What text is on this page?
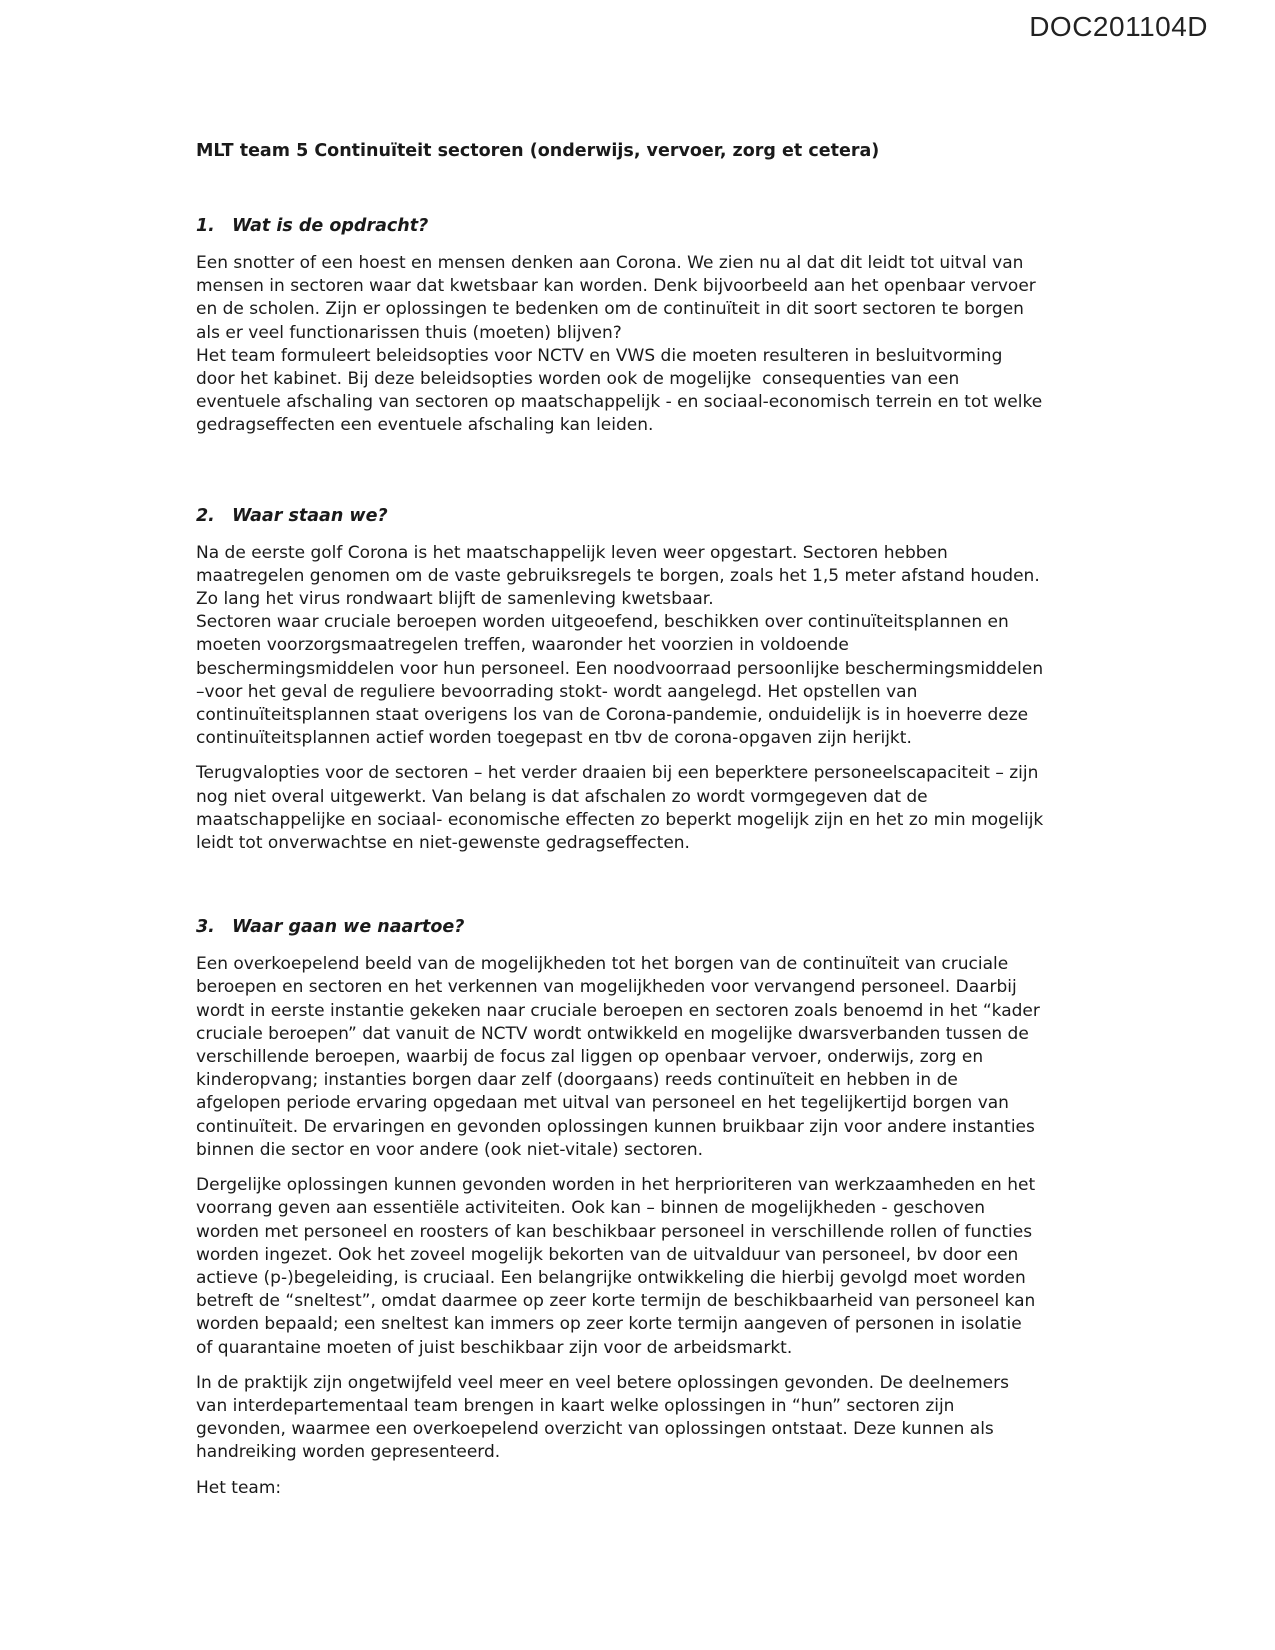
DOC201104D
MLT team 5 Continuïteit sectoren (onderwijs, vervoer, zorg et cetera)
1. Wat is de opdracht?
Een snotter of een hoest en mensen denken aan Corona. We zien nu al dat dit leidt tot uitval van
mensen in sectoren waar dat kwetsbaar kan worden. Denk bijvoorbeeld aan het openbaar vervoer
en de scholen. Zijn er oplossingen te bedenken om de continuïteit in dit soort sectoren te borgen
als er veel functionarissen thuis (moeten) blijven?
Het team formuleert beleidsopties voor NCTV en VWS die moeten resulteren in besluitvorming
door het kabinet. Bij deze beleidsopties worden ook de mogelijke  consequenties van een
eventuele afschaling van sectoren op maatschappelijk - en sociaal-economisch terrein en tot welke
gedragseffecten een eventuele afschaling kan leiden.
2. Waar staan we?
Na de eerste golf Corona is het maatschappelijk leven weer opgestart. Sectoren hebben
maatregelen genomen om de vaste gebruiksregels te borgen, zoals het 1,5 meter afstand houden.
Zo lang het virus rondwaart blijft de samenleving kwetsbaar.
Sectoren waar cruciale beroepen worden uitgeoefend, beschikken over continuïteitsplannen en
moeten voorzorgsmaatregelen treffen, waaronder het voorzien in voldoende
beschermingsmiddelen voor hun personeel. Een noodvoorraad persoonlijke beschermingsmiddelen
–voor het geval de reguliere bevoorrading stokt- wordt aangelegd. Het opstellen van
continuïteitsplannen staat overigens los van de Corona-pandemie, onduidelijk is in hoeverre deze
continuïteitsplannen actief worden toegepast en tbv de corona-opgaven zijn herijkt.
Terugvalopties voor de sectoren – het verder draaien bij een beperktere personeelscapaciteit – zijn
nog niet overal uitgewerkt. Van belang is dat afschalen zo wordt vormgegeven dat de
maatschappelijke en sociaal- economische effecten zo beperkt mogelijk zijn en het zo min mogelijk
leidt tot onverwachtse en niet-gewenste gedragseffecten.
3. Waar gaan we naartoe?
Een overkoepelend beeld van de mogelijkheden tot het borgen van de continuïteit van cruciale
beroepen en sectoren en het verkennen van mogelijkheden voor vervangend personeel. Daarbij
wordt in eerste instantie gekeken naar cruciale beroepen en sectoren zoals benoemd in het “kader
cruciale beroepen” dat vanuit de NCTV wordt ontwikkeld en mogelijke dwarsverbanden tussen de
verschillende beroepen, waarbij de focus zal liggen op openbaar vervoer, onderwijs, zorg en
kinderopvang; instanties borgen daar zelf (doorgaans) reeds continuïteit en hebben in de
afgelopen periode ervaring opgedaan met uitval van personeel en het tegelijkertijd borgen van
continuïteit. De ervaringen en gevonden oplossingen kunnen bruikbaar zijn voor andere instanties
binnen die sector en voor andere (ook niet-vitale) sectoren.
Dergelijke oplossingen kunnen gevonden worden in het herprioriteren van werkzaamheden en het
voorrang geven aan essentiële activiteiten. Ook kan – binnen de mogelijkheden - geschoven
worden met personeel en roosters of kan beschikbaar personeel in verschillende rollen of functies
worden ingezet. Ook het zoveel mogelijk bekorten van de uitvalduur van personeel, bv door een
actieve (p-)begeleiding, is cruciaal. Een belangrijke ontwikkeling die hierbij gevolgd moet worden
betreft de “sneltest”, omdat daarmee op zeer korte termijn de beschikbaarheid van personeel kan
worden bepaald; een sneltest kan immers op zeer korte termijn aangeven of personen in isolatie
of quarantaine moeten of juist beschikbaar zijn voor de arbeidsmarkt.
In de praktijk zijn ongetwijfeld veel meer en veel betere oplossingen gevonden. De deelnemers
van interdepartementaal team brengen in kaart welke oplossingen in “hun” sectoren zijn
gevonden, waarmee een overkoepelend overzicht van oplossingen ontstaat. Deze kunnen als
handreiking worden gepresenteerd.
Het team:
